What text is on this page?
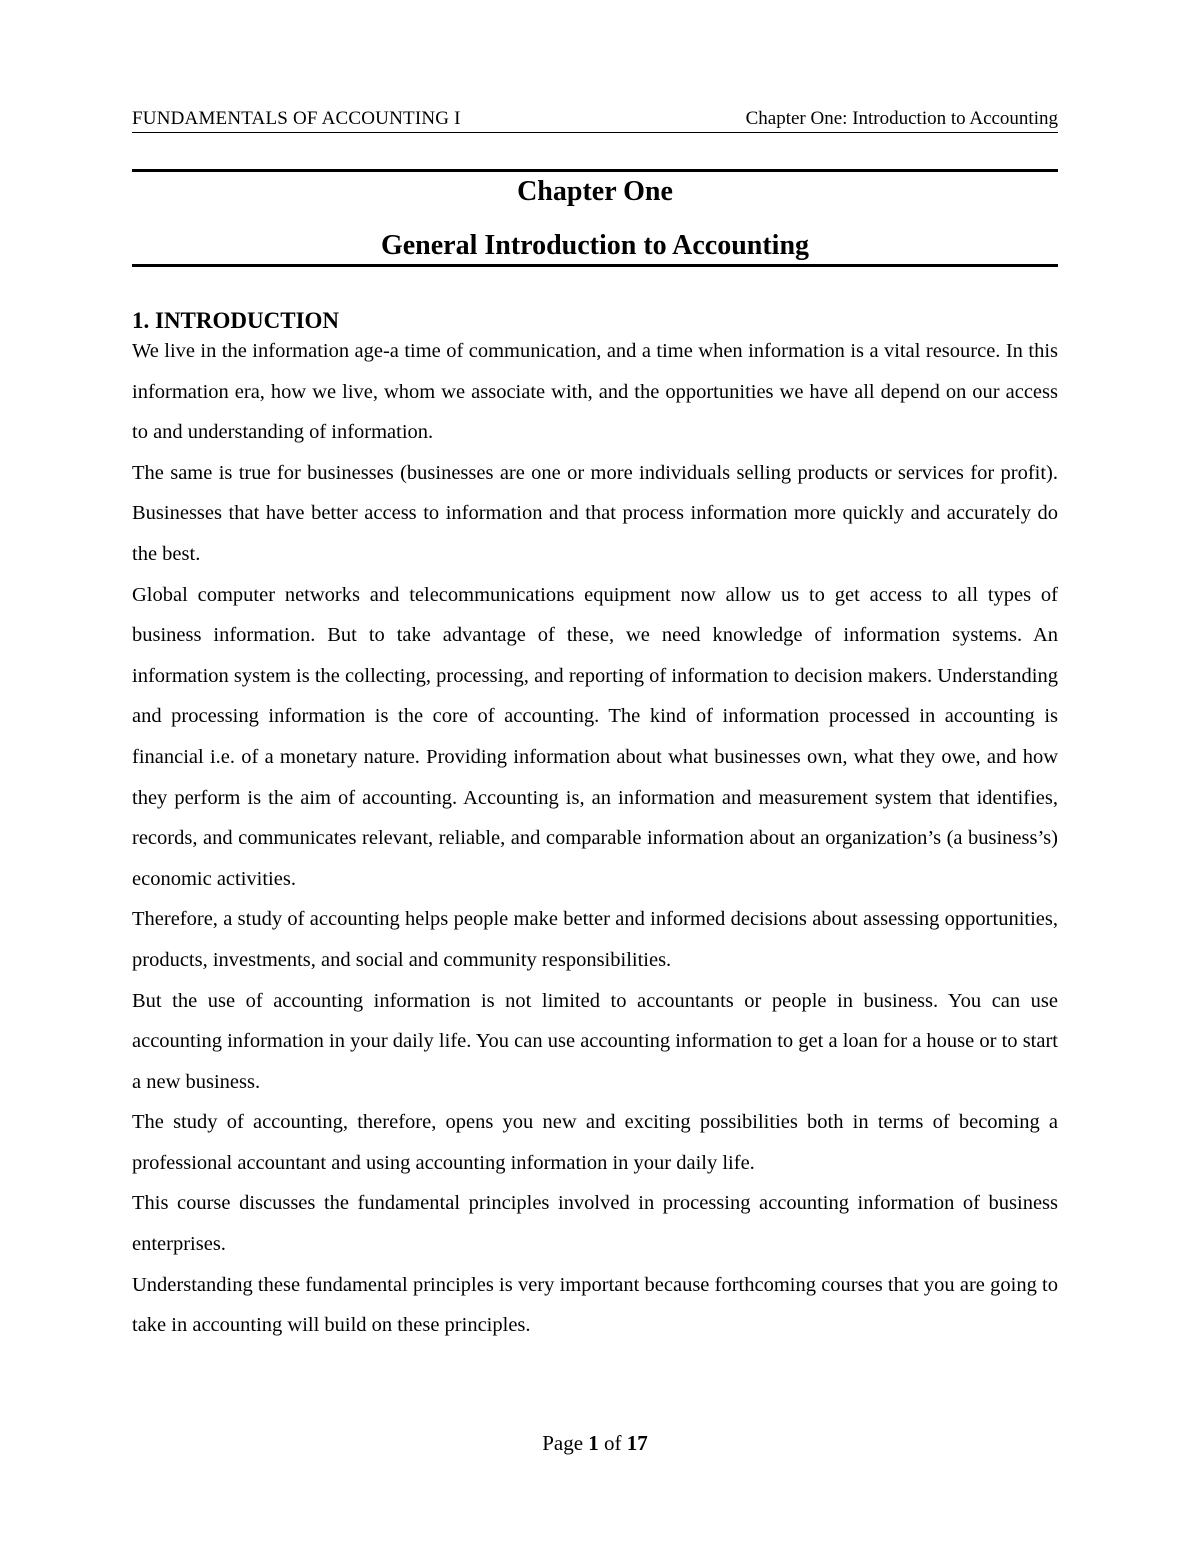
FUNDAMENTALS OF ACCOUNTING I	Chapter One: Introduction to Accounting
Chapter One
General Introduction to Accounting
1. INTRODUCTION

We live in the information age-a time of communication, and a time when information is a vital resource. In this information era, how we live, whom we associate with, and the opportunities we have all depend on our access to and understanding of information.

The same is true for businesses (businesses are one or more individuals selling products or services for profit). Businesses that have better access to information and that process information more quickly and accurately do the best.

Global computer networks and telecommunications equipment now allow us to get access to all types of business information. But to take advantage of these, we need knowledge of information systems. An information system is the collecting, processing, and reporting of information to decision makers. Understanding and processing information is the core of accounting. The kind of information processed in accounting is financial i.e. of a monetary nature. Providing information about what businesses own, what they owe, and how they perform is the aim of accounting. Accounting is, an information and measurement system that identifies, records, and communicates relevant, reliable, and comparable information about an organization’s (a business’s) economic activities.

Therefore, a study of accounting helps people make better and informed decisions about assessing opportunities, products, investments, and social and community responsibilities.

But the use of accounting information is not limited to accountants or people in business. You can use accounting information in your daily life. You can use accounting information to get a loan for a house or to start a new business.

The study of accounting, therefore, opens you new and exciting possibilities both in terms of becoming a professional accountant and using accounting information in your daily life.

This course discusses the fundamental principles involved in processing accounting information of business enterprises.

Understanding these fundamental principles is very important because forthcoming courses that you are going to take in accounting will build on these principles.

Page 1 of 17
